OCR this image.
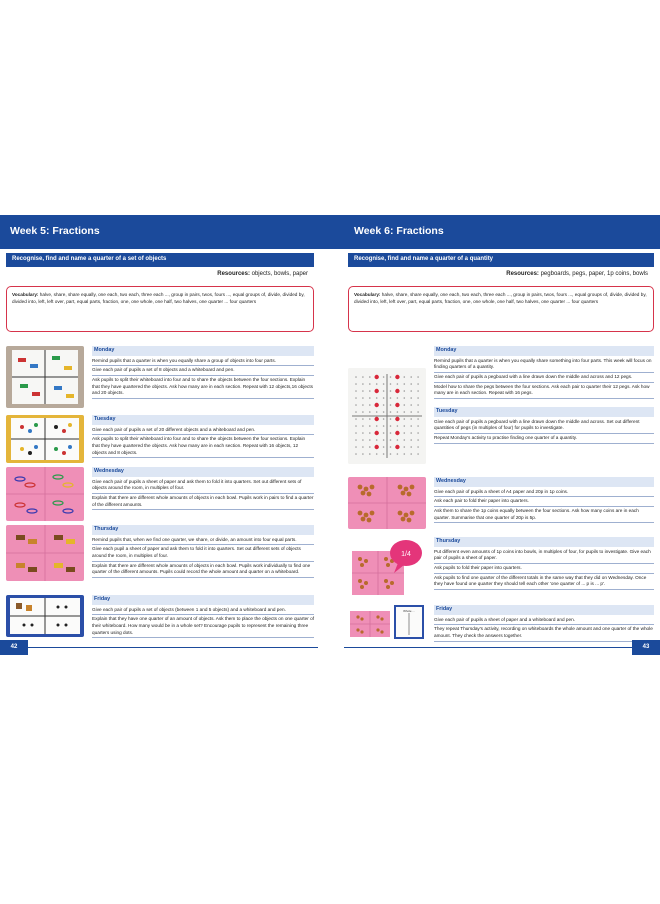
Week 5: Fractions
Recognise, find and name a quarter of a set of objects
Resources: objects, bowls, paper
Vocabulary: halve, share, share equally, one each, two each, three each ..., group in pairs, twos, fours ..., equal groups of, divide, divided by, divided into, left, left over, part, equal parts, fraction, one, one whole, one half, two halves, one quarter ... four quarters
Monday
Remind pupils that a quarter is when you equally share a group of objects into four parts.
Give each pair of pupils a set of 8 objects and a whiteboard and pen.
Ask pupils to split their whiteboard into four and to share the objects between the four sections. Explain that they have quartered the objects. Ask how many are in each section. Repeat with 12 objects,16 objects and 20 objects.
Tuesday
Give each pair of pupils a set of 20 different objects and a whiteboard and pen.
Ask pupils to split their whiteboard into four and to share the objects between the four sections. Explain that they have quartered the objects. Ask how many are in each section. Repeat with 16 objects, 12 objects and 8 objects.
Wednesday
Give each pair of pupils a sheet of paper and ask them to fold it into quarters. Set out different sets of objects around the room, in multiples of four.
Explain that there are different whole amounts of objects in each bowl. Pupils work in pairs to find a quarter of the different amounts.
Thursday
Remind pupils that, when we find one quarter, we share, or divide, an amount into four equal parts.
Give each pupil a sheet of paper and ask them to fold it into quarters. Set out different sets of objects around the room, in multiples of four.
Explain that there are different whole amounts of objects in each bowl. Pupils work individually to find one quarter of the different amounts. Pupils could record the whole amount and quarter on a whiteboard.
Friday
Give each pair of pupils a set of objects (between 1 and 5 objects) and a whiteboard and pen.
Explain that they have one quarter of an amount of objects. Ask them to place the objects on one quarter of their whiteboard. How many would be in a whole set? Encourage pupils to represent the remaining three quarters using dots.
42
Week 6: Fractions
Recognise, find and name a quarter of a quantity
Resources: pegboards, pegs, paper, 1p coins, bowls
Vocabulary: halve, share, share equally, one each, two each, three each ..., group in pairs, twos, fours ..., equal groups of, divide, divided by, divided into, left, left over, part, equal parts, fraction, one, one whole, one half, two halves, one quarter ... four quarters
Monday
Remind pupils that a quarter is when you equally share something into four parts. This week will focus on finding quarters of a quantity.
Give each pair of pupils a pegboard with a line drawn down the middle and across and 12 pegs.
Model how to share the pegs between the four sections. Ask each pair to quarter their 12 pegs. Ask how many are in each section. Repeat with 16 pegs.
Tuesday
Give each pair of pupils a pegboard with a line drawn down the middle and across. Set out different quantities of pegs (in multiples of four) for pupils to investigate.
Repeat Monday's activity to practise finding one quarter of a quantity.
Wednesday
Give each pair of pupils a sheet of A4 paper and 20p in 1p coins.
Ask each pair to fold their paper into quarters.
Ask them to share the 1p coins equally between the four sections. Ask how many coins are in each quarter. Summarise that one quarter of 20p is 5p.
1/4
Thursday
Put different even amounts of 1p coins into bowls, in multiples of four, for pupils to investigate. Give each pair of pupils a sheet of paper.
Ask pupils to fold their paper into quarters.
Ask pupils to find one quarter of the different totals in the same way that they did on Wednesday. Once they have found one quarter they should tell each other 'one quarter of ... p is ... p'.
Whole ...	Friday
Give each pair of pupils a sheet of paper and a whiteboard and pen.
They repeat Thursday's activity, recording on whiteboards the whole amount and one quarter of the whole amount. They check the answers together.
43
